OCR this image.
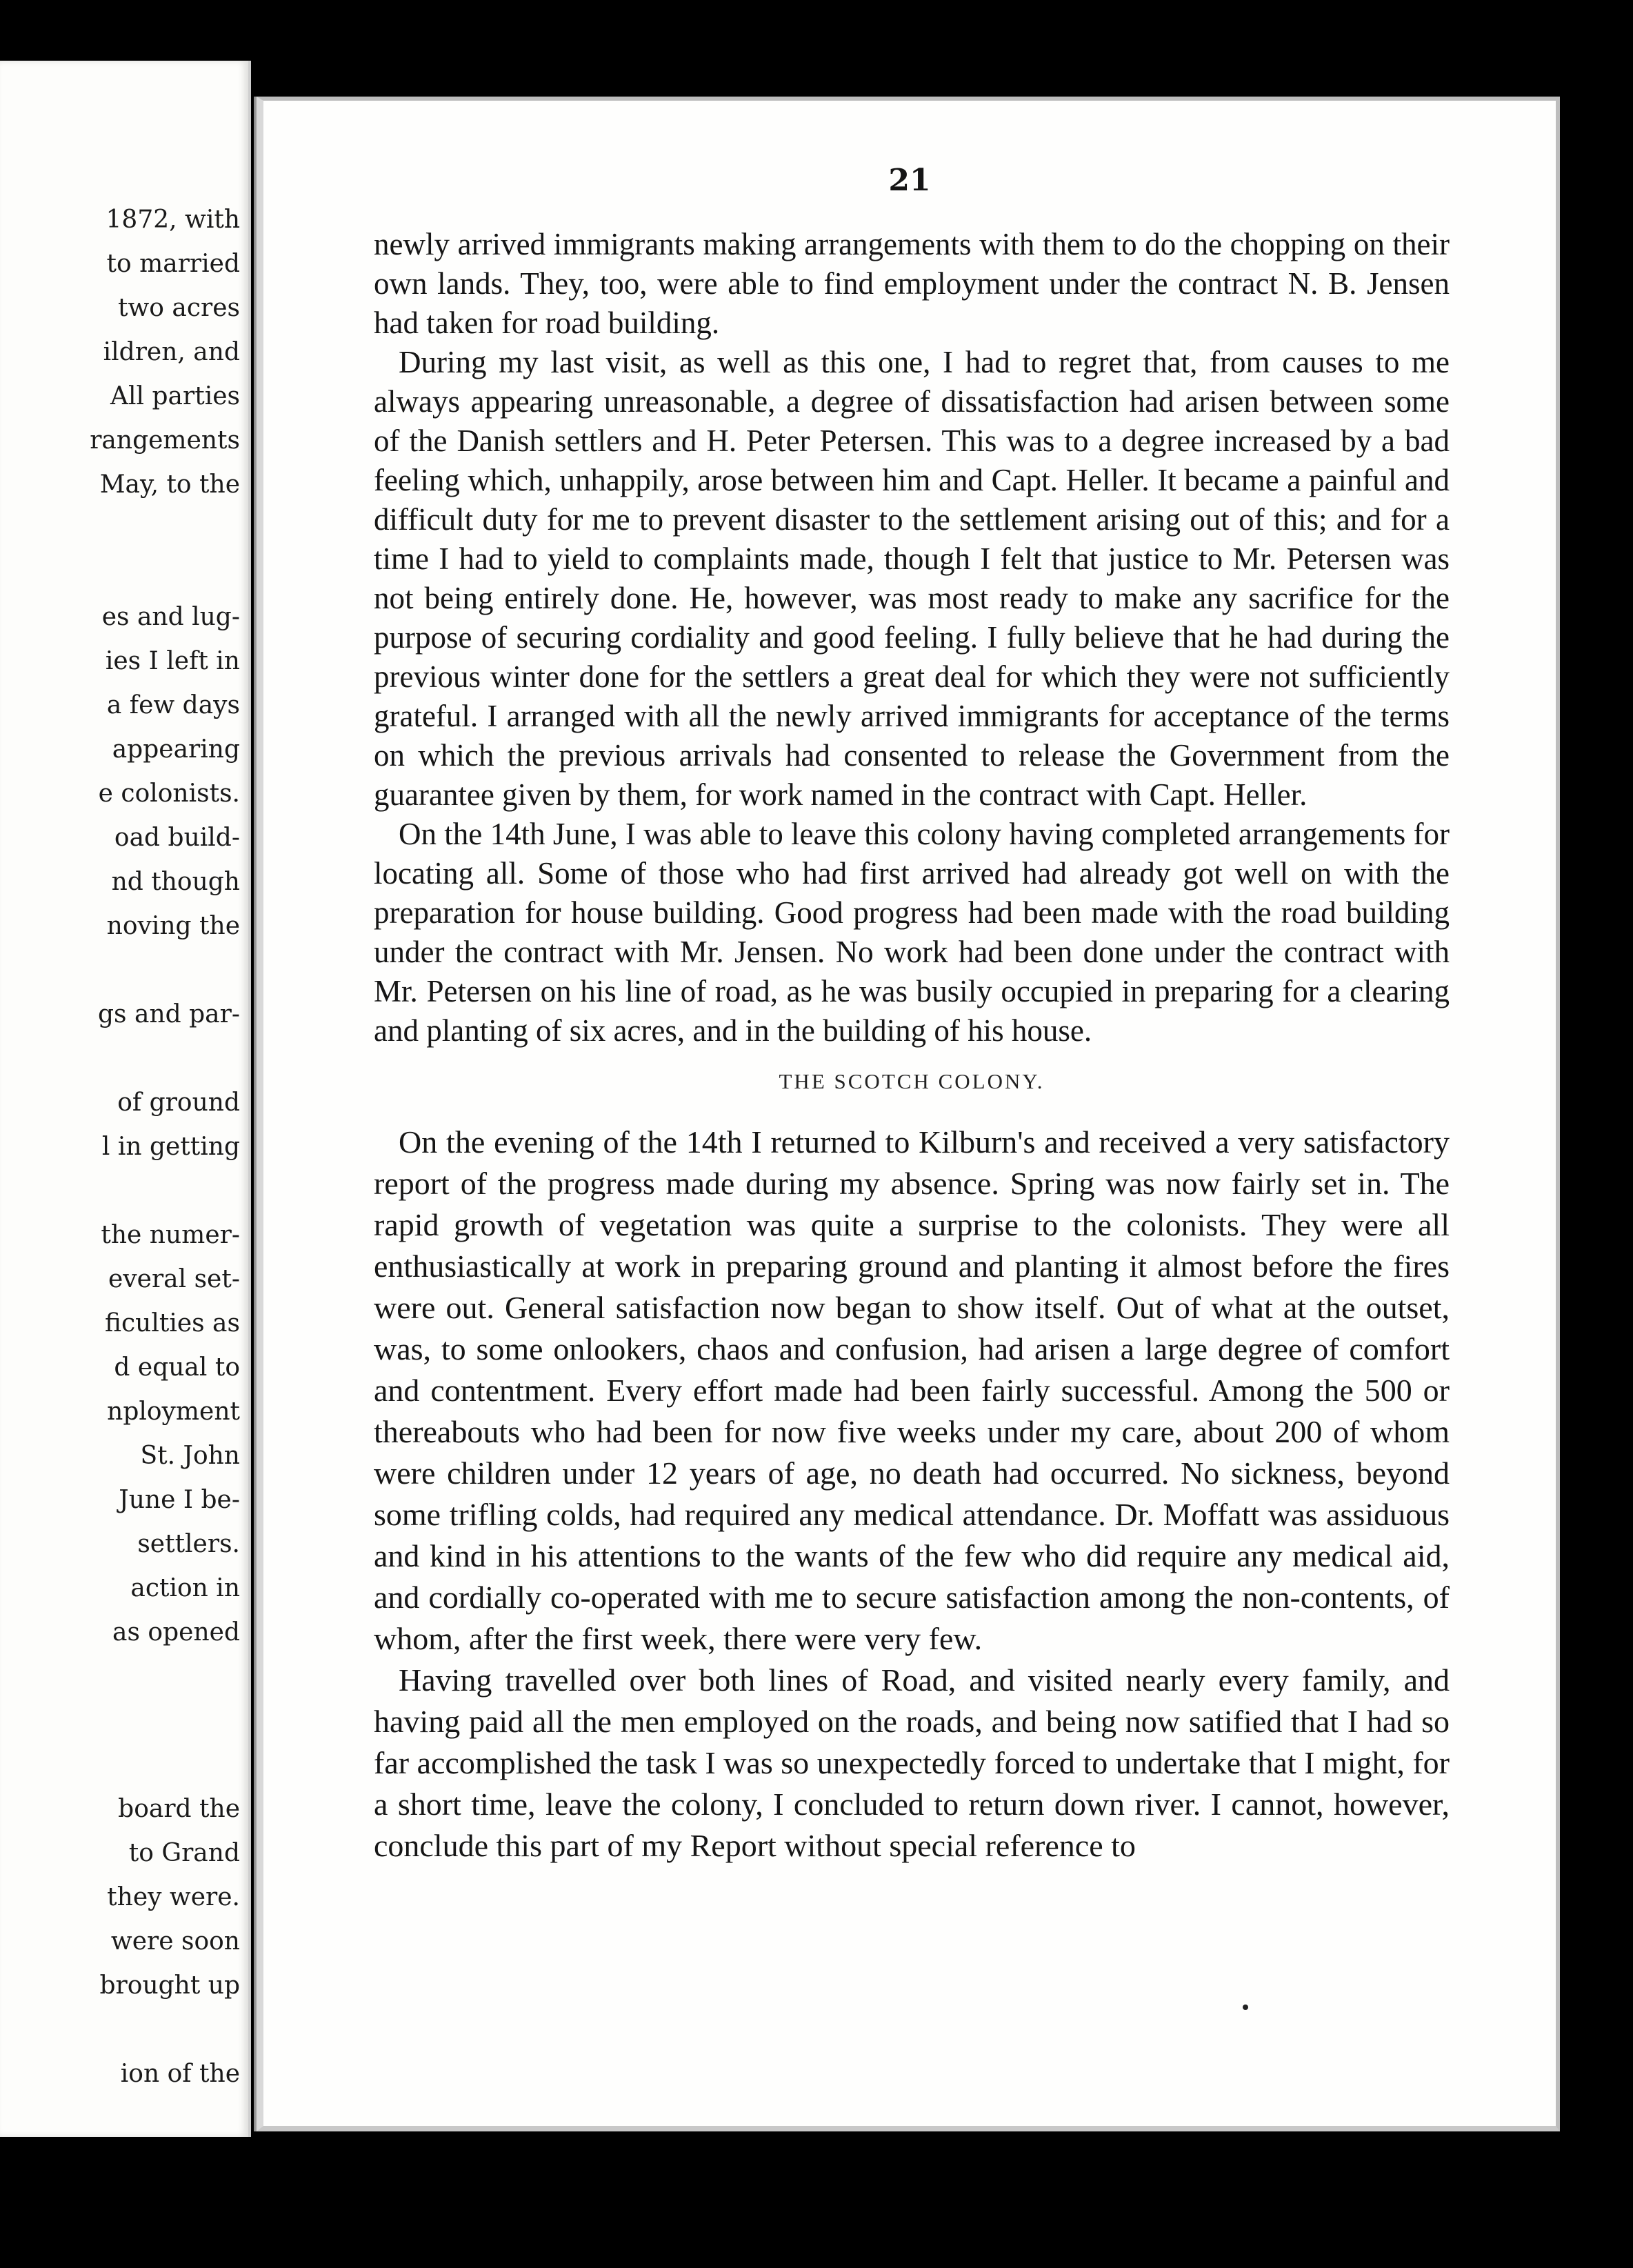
1872, with
to married
two acres
ildren, and
All parties
rangements
May, to the
es and lug-
ies I left in
a few days
appearing
e colonists.
oad build-
nd though
noving the
gs and par-
of ground
l in getting
the numer-
everal set-
ficulties as
d equal to
nployment
St. John
June I be-
settlers.
action in
as opened
board the
to Grand
they were.
were soon
brought up
ion of the

21

newly arrived immigrants making arrangements with them to do the chopping on their own lands. They, too, were able to find employment under the contract N. B. Jensen had taken for road building.

During my last visit, as well as this one, I had to regret that, from causes to me always appearing unreasonable, a degree of dissatisfaction had arisen between some of the Danish settlers and H. Peter Petersen. This was to a degree increased by a bad feeling which, unhappily, arose between him and Capt. Heller. It became a painful and difficult duty for me to prevent disaster to the settlement arising out of this; and for a time I had to yield to complaints made, though I felt that justice to Mr. Petersen was not being entirely done. He, however, was most ready to make any sacrifice for the purpose of securing cordiality and good feeling. I fully believe that he had during the previous winter done for the settlers a great deal for which they were not sufficiently grateful. I arranged with all the newly arrived immigrants for acceptance of the terms on which the previous arrivals had consented to release the Government from the guarantee given by them, for work named in the contract with Capt. Heller.

On the 14th June, I was able to leave this colony having completed arrangements for locating all. Some of those who had first arrived had already got well on with the preparation for house building. Good progress had been made with the road building under the contract with Mr. Jensen. No work had been done under the contract with Mr. Petersen on his line of road, as he was busily occupied in preparing for a clearing and planting of six acres, and in the building of his house.

THE SCOTCH COLONY.

On the evening of the 14th I returned to Kilburn's and received a very satisfactory report of the progress made during my absence. Spring was now fairly set in. The rapid growth of vegetation was quite a surprise to the colonists. They were all enthusiastically at work in preparing ground and planting it almost before the fires were out. General satisfaction now began to show itself. Out of what at the outset, was, to some onlookers, chaos and confusion, had arisen a large degree of comfort and contentment. Every effort made had been fairly successful. Among the 500 or thereabouts who had been for now five weeks under my care, about 200 of whom were children under 12 years of age, no death had occurred. No sickness, beyond some trifling colds, had required any medical attendance. Dr. Moffatt was assiduous and kind in his attentions to the wants of the few who did require any medical aid, and cordially co-operated with me to secure satisfaction among the non-contents, of whom, after the first week, there were very few.

Having travelled over both lines of Road, and visited nearly every family, and having paid all the men employed on the roads, and being now satified that I had so far accomplished the task I was so unexpectedly forced to undertake that I might, for a short time, leave the colony, I concluded to return down river. I cannot, however, conclude this part of my Report without special reference to
